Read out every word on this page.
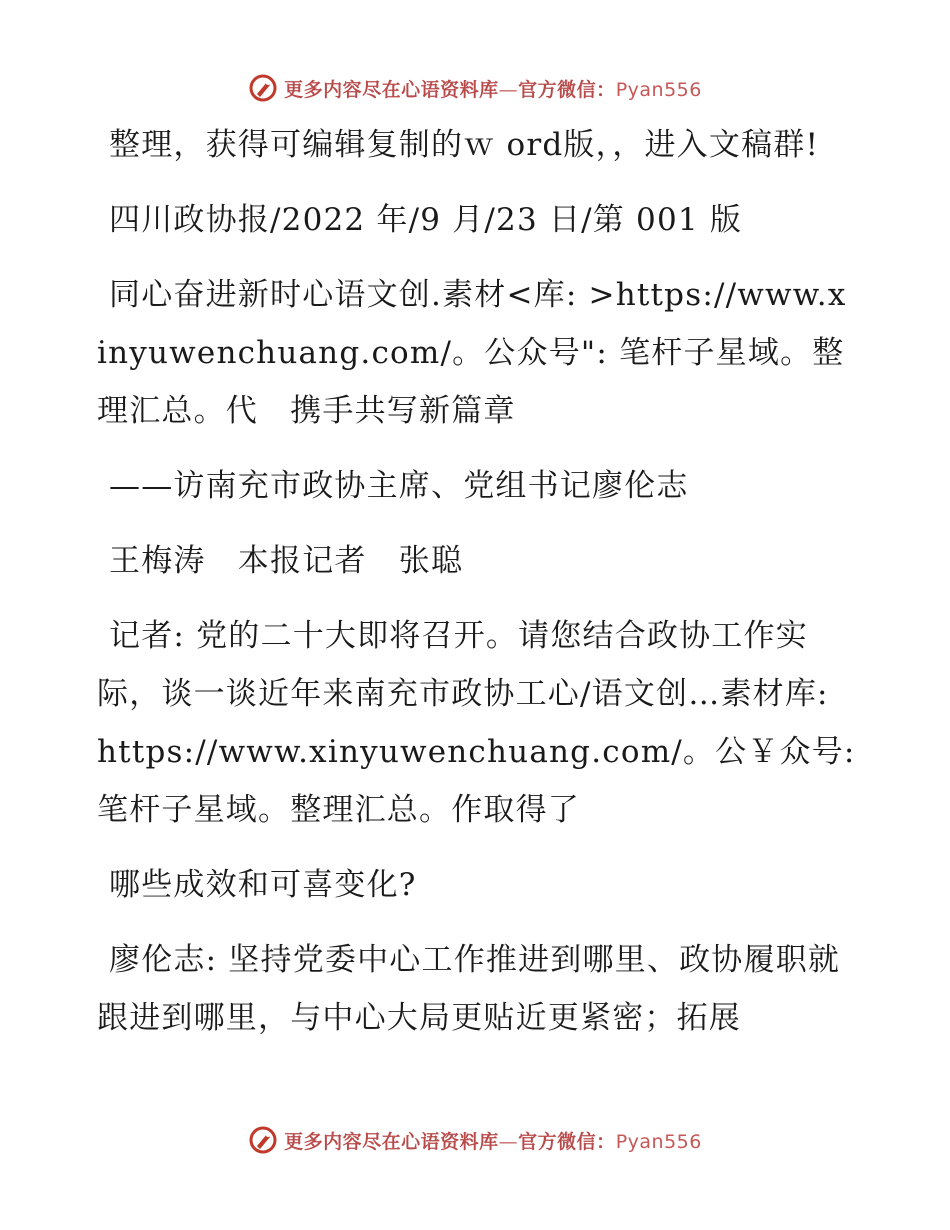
更多内容尽在心语资料库—官方微信：Pyan556

整理，获得可编辑复制的ｗ ord版，，进入文稿群!

四川政协报/2022 年/9 月/23 日/第 001 版

同心奋进新时心语文创.素材<库: >https://www.xinyuwenchuang.com/。公众号": 笔杆子星域。整理汇总。代　携手共写新篇章

——访南充市政协主席、党组书记廖伦志

王梅涛　本报记者　张聪

记者: 党的二十大即将召开。请您结合政协工作实际，谈一谈近年来南充市政协工心/语文创…素材库: https://www.xinyuwenchuang.com/。公￥众号: 笔杆子星域。整理汇总。作取得了

哪些成效和可喜变化?

廖伦志: 坚持党委中心工作推进到哪里、政协履职就跟进到哪里，与中心大局更贴近更紧密；拓展

更多内容尽在心语资料库—官方微信：Pyan556
